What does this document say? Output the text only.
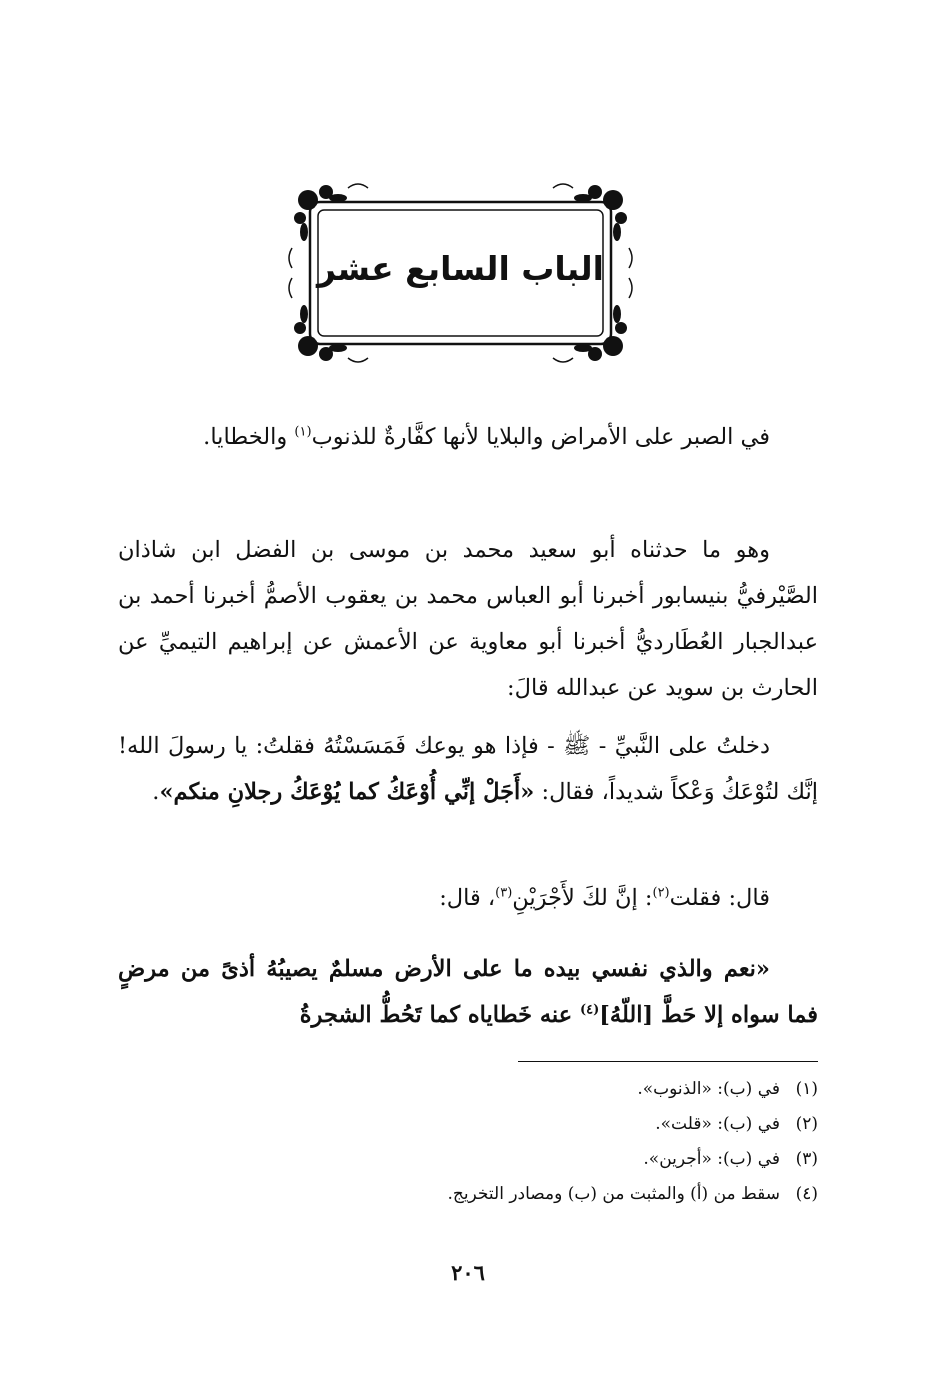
الباب السابع عشر

في الصبر على الأمراض والبلايا لأنها كفَّارةٌ للذنوب$^{(١)}$ والخطايا.

وهو ما حدثناه أبو سعيد محمد بن موسى بن الفضل ابن شاذان الصَّيْرفيُّ بنيسابور أخبرنا أبو العباس محمد بن يعقوب الأصمُّ أخبرنا أحمد بن عبدالجبار العُطَارديُّ أخبرنا أبو معاوية عن الأعمش عن إبراهيم التيميِّ عن الحارث بن سويد عن عبدالله قالَ:

دخلتُ على النَّبيِّ - ﷺ - فإذا هو يوعك فَمَسَسْتُهُ فقلتُ: يا رسولَ الله! إنَّك لتُوْعَكُ وَعْكاً شديداً، فقال: «أَجَلْ إنِّي أُوْعَكُ كما يُوْعَكُ رجلانِ منكم».

قال: فقلت$^{(٢)}$: إنَّ لكَ لأَجْرَيْنِ$^{(٣)}$، قال:

«نعم والذي نفسي بيده ما على الأرض مسلمٌ يصيبُهُ أذىً من مرضٍ فما سواه إلا حَطَّ [اللّهُ]$^{(٤)}$ عنه خَطاياه كما تَحُطُّ الشجرةُ

(١)
في (ب): «الذنوب».
(٢)
في (ب): «قلت».
(٣)
في (ب): «أجرين».
(٤)
سقط من (أ) والمثبت من (ب) ومصادر التخريج.
٢٠٦
